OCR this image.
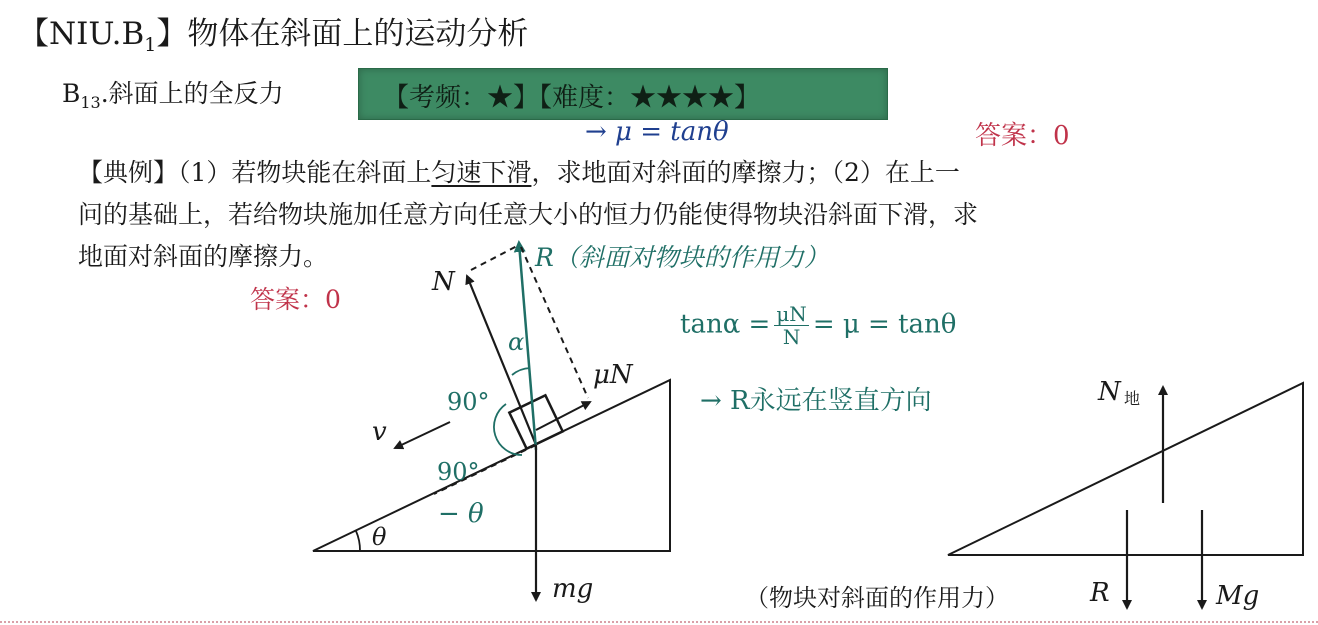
【$NIU.B_1$】物体在斜面上的运动分析
$B_{13}$.斜面上的全反力	【考频：★】【难度：★★★★】
→ μ = tanθ	答案：0
【典例】（1）若物块能在斜面上匀速下滑，求地面对斜面的摩擦力；（2）在上一
问的基础上，若给物块施加任意方向任意大小的恒力仍能使得物块沿斜面下滑，求
地面对斜面的摩擦力。
答案：0
R（斜面对物块的作用力）
$\tan\alpha = \frac{\mu N}{N} = \mu = \tan\theta$
→ R永远在竖直方向
（物块对斜面的作用力）
N
α
μN
90°
90°
v
− θ
θ
mg
N 地
R	Mg
